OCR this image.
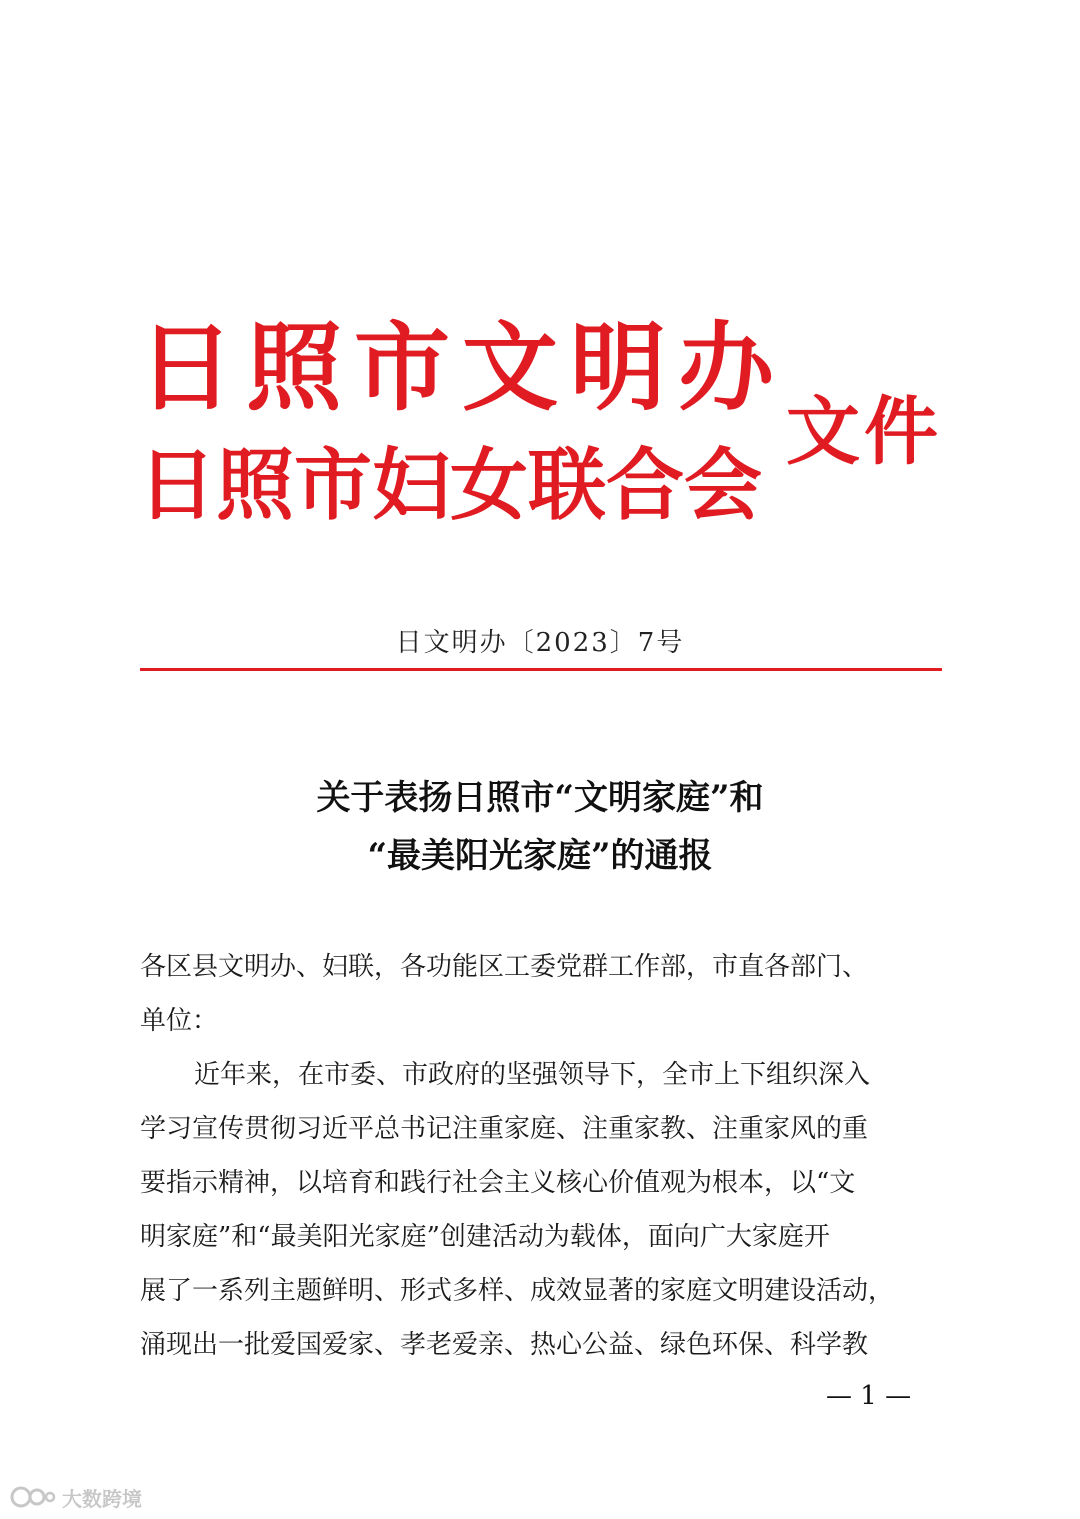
日照市文明办
日照市妇女联合会
文件
日文明办〔2023〕7号
关于表扬日照市“文明家庭”和
“最美阳光家庭”的通报
各区县文明办、妇联，各功能区工委党群工作部，市直各部门、
单位：
近年来，在市委、市政府的坚强领导下，全市上下组织深入
学习宣传贯彻习近平总书记注重家庭、注重家教、注重家风的重
要指示精神，以培育和践行社会主义核心价值观为根本，以“文
明家庭”和“最美阳光家庭”创建活动为载体，面向广大家庭开
展了一系列主题鲜明、形式多样、成效显著的家庭文明建设活动，
涌现出一批爱国爱家、孝老爱亲、热心公益、绿色环保、科学教
— 1 —
大数跨境
